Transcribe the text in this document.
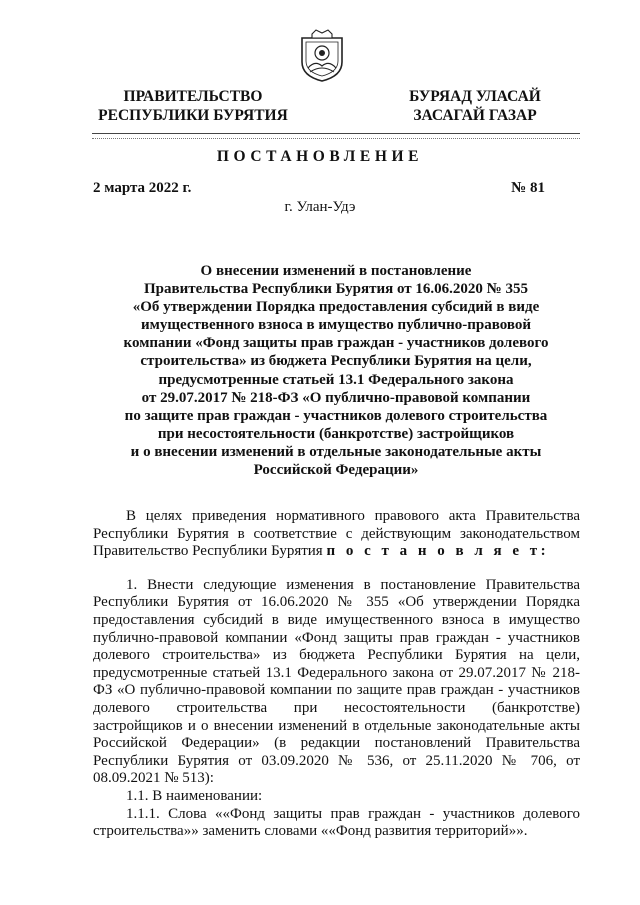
ПРАВИТЕЛЬСТВО
РЕСПУБЛИКИ БУРЯТИЯ
БУРЯАД УЛАСАЙ
ЗАСАГАЙ ГАЗАР
ПОСТАНОВЛЕНИЕ
2 марта 2022 г.	№ 81
г. Улан-Удэ
О внесении изменений в постановление
Правительства Республики Бурятия от 16.06.2020 № 355
«Об утверждении Порядка предоставления субсидий в виде
имущественного взноса в имущество публично-правовой
компании «Фонд защиты прав граждан - участников долевого
строительства» из бюджета Республики Бурятия на цели,
предусмотренные статьей 13.1 Федерального закона
от 29.07.2017 № 218-ФЗ «О публично-правовой компании
по защите прав граждан - участников долевого строительства
при несостоятельности (банкротстве) застройщиков
и о внесении изменений в отдельные законодательные акты
Российской Федерации»

В целях приведения нормативного правового акта Правительства Республики Бурятия в соответствие с действующим законодательством Правительство Республики Бурятия п о с т а н о в л я е т:

1. Внести следующие изменения в постановление Правительства Республики Бурятия от 16.06.2020 № 355 «Об утверждении Порядка предоставления субсидий в виде имущественного взноса в имущество публично-правовой компании «Фонд защиты прав граждан - участников долевого строительства» из бюджета Республики Бурятия на цели, предусмотренные статьей 13.1 Федерального закона от 29.07.2017 № 218-ФЗ «О публично-правовой компании по защите прав граждан - участников долевого строительства при несостоятельности (банкротстве) застройщиков и о внесении изменений в отдельные законодательные акты Российской Федерации» (в редакции постановлений Правительства Республики Бурятия от 03.09.2020 № 536, от 25.11.2020 № 706, от 08.09.2021 № 513):

1.1. В наименовании:

1.1.1. Слова ««Фонд защиты прав граждан - участников долевого строительства»» заменить словами ««Фонд развития территорий»».
